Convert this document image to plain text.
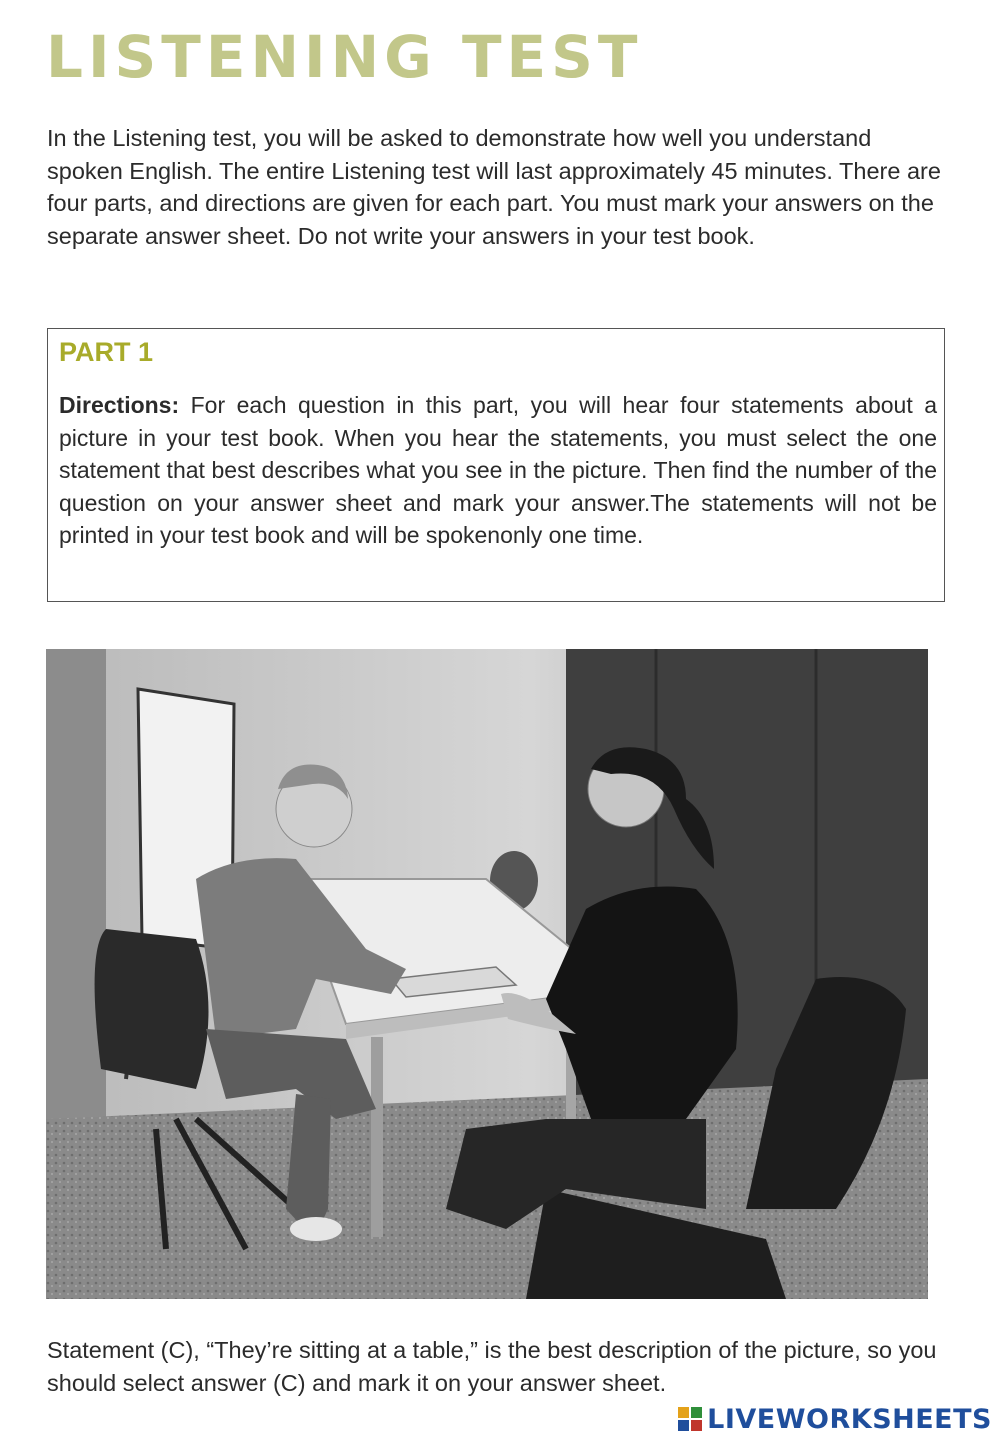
LISTENING TEST

In the Listening test, you will be asked to demonstrate how well you understand spoken English. The entire Listening test will last approximately 45 minutes. There are four parts, and directions are given for each part. You must mark your answers on the separate answer sheet. Do not write your answers in your test book.

PART 1

Directions: For each question in this part, you will hear four statements about a picture in your test book. When you hear the statements, you must select the one statement that best describes what you see in the picture. Then find the number of the question on your answer sheet and mark your answer.The statements will not be printed in your test book and will be spokenonly one time.

Statement (C), “They’re sitting at a table,” is the best description of the picture, so you should select answer (C) and mark it on your answer sheet.

LIVEWORKSHEETS
